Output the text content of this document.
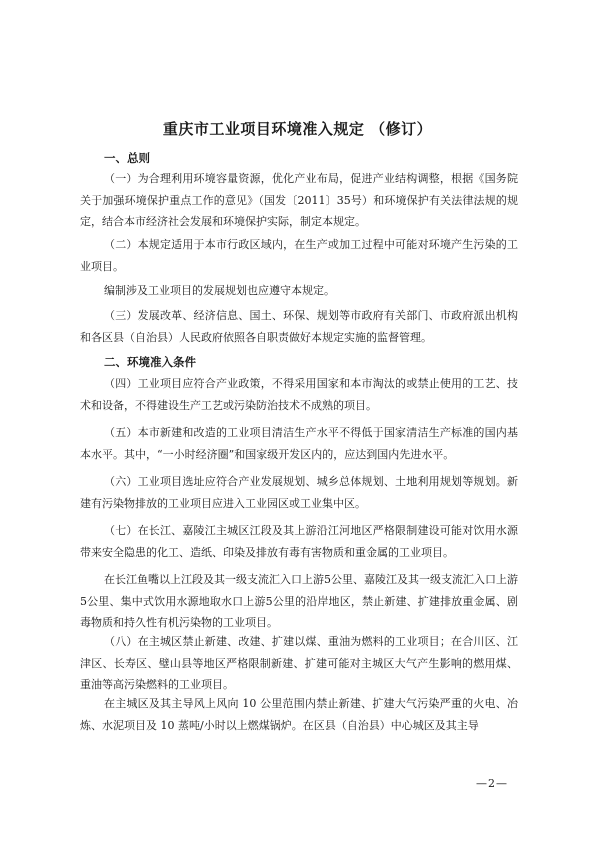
重庆市工业项目环境准入规定 （修订）
一、总则

（一）为合理利用环境容量资源，优化产业布局，促进产业结构调整，根据《国务院关于加强环境保护重点工作的意见》（国发〔2011〕35号）和环境保护有关法律法规的规定，结合本市经济社会发展和环境保护实际，制定本规定。

（二）本规定适用于本市行政区域内，在生产或加工过程中可能对环境产生污染的工业项目。

编制涉及工业项目的发展规划也应遵守本规定。

（三）发展改革、经济信息、国土、环保、规划等市政府有关部门、市政府派出机构和各区县（自治县）人民政府依照各自职责做好本规定实施的监督管理。

二、环境准入条件

（四）工业项目应符合产业政策，不得采用国家和本市淘汰的或禁止使用的工艺、技术和设备，不得建设生产工艺或污染防治技术不成熟的项目。

（五）本市新建和改造的工业项目清洁生产水平不得低于国家清洁生产标准的国内基本水平。其中，“一小时经济圈”和国家级开发区内的，应达到国内先进水平。

（六）工业项目选址应符合产业发展规划、城乡总体规划、土地利用规划等规划。新建有污染物排放的工业项目应进入工业园区或工业集中区。

（七）在长江、嘉陵江主城区江段及其上游沿江河地区严格限制建设可能对饮用水源带来安全隐患的化工、造纸、印染及排放有毒有害物质和重金属的工业项目。

在长江鱼嘴以上江段及其一级支流汇入口上游5公里、嘉陵江及其一级支流汇入口上游5公里、集中式饮用水源地取水口上游5公里的沿岸地区，禁止新建、扩建排放重金属、剧毒物质和持久性有机污染物的工业项目。

（八）在主城区禁止新建、改建、扩建以煤、重油为燃料的工业项目；在合川区、江津区、长寿区、璧山县等地区严格限制新建、扩建可能对主城区大气产生影响的燃用煤、重油等高污染燃料的工业项目。

在主城区及其主导风上风向 10 公里范围内禁止新建、扩建大气污染严重的火电、冶炼、水泥项目及 10 蒸吨/小时以上燃煤锅炉。在区县（自治县）中心城区及其主导

—2—
